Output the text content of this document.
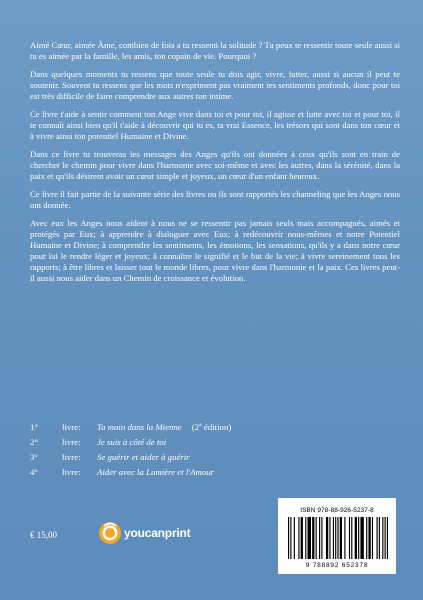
Aimé Cœur, aimée Âme, combien de fois a tu ressenti la solitude ? Tu peux te ressentir toute seule aussi si tu es aimée par la famille, les amis, ton copain de vie. Pourquoi ?

Dans quelques moments tu ressens que toute seule tu dois agir, vivre, lutter, aussi si aucun il peut te soutenir. Souvent tu ressens que les mots n'expriment pas vraiment tes sentiments profonds, donc pour toi est très difficile de faire comprendre aux autres ton intime.

Ce livre t'aide à sentir comment ton Ange vive dans toi et pour toi, il agisse et lutte avec toi et pour toi, il te connaît ainsi bien qu'il t'aide à découvrir qui tu es, ta vrai Essence, les trésors qui sont dans ton cœur et à vivre ainsi ton potentiel Humaine et Divine.

Dans ce livre tu trouveras les messages des Anges qu'ils ont données à ceux qu'ils sont en train de chercher le chemin pour vivre dans l'harmonie avec soi-même et avec les autres, dans la sérénité, dans la paix et qu'ils désirent avoir un cœur simple et joyeux, un cœur d'un enfant heureux.

Ce livre il fait partie de la suivante série des livres ou ils sont rapportés les channeling que les Anges nous ont donnée.

Avec eux les Anges nous aident à nous ne se ressentir pas jamais seuls mais accompagnés, aimés et protégés par Eux; à apprendre à dialoguer avec Eux; à redécouvrir nous-mêmes et notre Potentiel Humaine et Divine; à comprendre les sentiments, les émotions, les sensations, qu'ils y a dans notre cœur pour lui le rendre léger et joyeux; à connaître le signifié et le but de la vie; à vivre sereinement tous les rapports; à être libres et laisser tout le monde libres, pour vivre dans l'harmonie et la paix. Ces livres peut-il aussi nous aider dans un Chemin de croissance et évolution.

1°	livre:	Ta main dans la Mienne (2$^a$ édition)
2°	livre:	Je suis à côté de toi
3°	livre:	Se guérir et aider à guérir
4°	livre:	Aider avec la Lumière et l'Amour
€ 15,00	youcanprint
ISBN 978-88-926-5237-8
9 788892 652378
